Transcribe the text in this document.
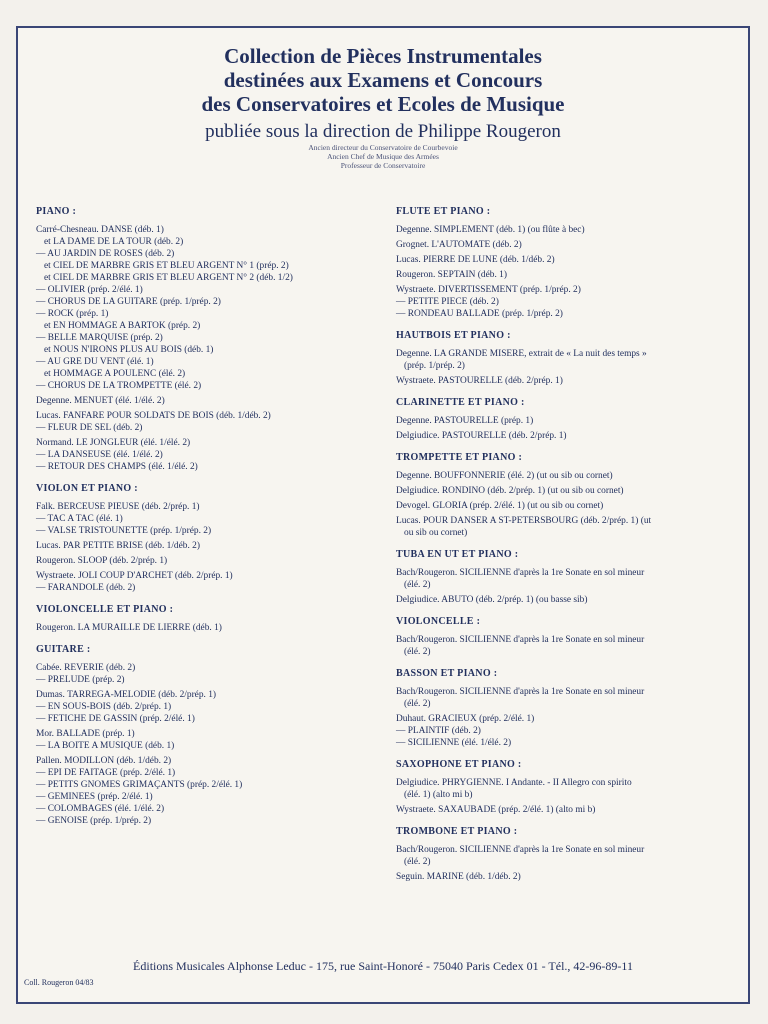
Collection de Pièces Instrumentales
destinées aux Examens et Concours
des Conservatoires et Ecoles de Musique
publiée sous la direction de Philippe Rougeron
Ancien directeur du Conservatoire de Courbevoie
Ancien Chef de Musique des Armées
Professeur de Conservatoire
PIANO :
Carré-Chesneau. DANSE (déb. 1)
et LA DAME DE LA TOUR (déb. 2)
— AU JARDIN DE ROSES (déb. 2)
et CIEL DE MARBRE GRIS ET BLEU ARGENT N° 1 (prép. 2)
et CIEL DE MARBRE GRIS ET BLEU ARGENT N° 2 (déb. 1/2)
— OLIVIER (prép. 2/élé. 1)
— CHORUS DE LA GUITARE (prép. 1/prép. 2)
— ROCK (prép. 1)
et EN HOMMAGE A BARTOK (prép. 2)
— BELLE MARQUISE (prép. 2)
et NOUS N'IRONS PLUS AU BOIS (déb. 1)
— AU GRE DU VENT (élé. 1)
et HOMMAGE A POULENC (élé. 2)
— CHORUS DE LA TROMPETTE (élé. 2)
Degenne. MENUET (élé. 1/élé. 2)
Lucas. FANFARE POUR SOLDATS DE BOIS (déb. 1/déb. 2)
— FLEUR DE SEL (déb. 2)
Normand. LE JONGLEUR (élé. 1/élé. 2)
— LA DANSEUSE (élé. 1/élé. 2)
— RETOUR DES CHAMPS (élé. 1/élé. 2)
VIOLON ET PIANO :
Falk. BERCEUSE PIEUSE (déb. 2/prép. 1)
— TAC A TAC (élé. 1)
— VALSE TRISTOUNETTE (prép. 1/prép. 2)
Lucas. PAR PETITE BRISE (déb. 1/déb. 2)
Rougeron. SLOOP (déb. 2/prép. 1)
Wystraete. JOLI COUP D'ARCHET (déb. 2/prép. 1)
— FARANDOLE (déb. 2)
VIOLONCELLE ET PIANO :
Rougeron. LA MURAILLE DE LIERRE (déb. 1)
GUITARE :
Cabée. REVERIE (déb. 2)
— PRELUDE (prép. 2)
Dumas. TARREGA-MELODIE (déb. 2/prép. 1)
— EN SOUS-BOIS (déb. 2/prép. 1)
— FETICHE DE GASSIN (prép. 2/élé. 1)
Mor. BALLADE (prép. 1)
— LA BOITE A MUSIQUE (déb. 1)
Pallen. MODILLON (déb. 1/déb. 2)
— EPI DE FAITAGE (prép. 2/élé. 1)
— PETITS GNOMES GRIMAÇANTS (prép. 2/élé. 1)
— GEMINEES (prép. 2/élé. 1)
— COLOMBAGES (élé. 1/élé. 2)
— GENOISE (prép. 1/prép. 2)
FLUTE ET PIANO :
Degenne. SIMPLEMENT (déb. 1) (ou flûte à bec)
Grognet. L'AUTOMATE (déb. 2)
Lucas. PIERRE DE LUNE (déb. 1/déb. 2)
Rougeron. SEPTAIN (déb. 1)
Wystraete. DIVERTISSEMENT (prép. 1/prép. 2)
— PETITE PIECE (déb. 2)
— RONDEAU BALLADE (prép. 1/prép. 2)
HAUTBOIS ET PIANO :
Degenne. LA GRANDE MISERE, extrait de « La nuit des temps »
(prép. 1/prép. 2)
Wystraete. PASTOURELLE (déb. 2/prép. 1)
CLARINETTE ET PIANO :
Degenne. PASTOURELLE (prép. 1)
Delgiudice. PASTOURELLE (déb. 2/prép. 1)
TROMPETTE ET PIANO :
Degenne. BOUFFONNERIE (élé. 2) (ut ou sib ou cornet)
Delgiudice. RONDINO (déb. 2/prép. 1) (ut ou sib ou cornet)
Devogel. GLORIA (prép. 2/élé. 1) (ut ou sib ou cornet)
Lucas. POUR DANSER A ST-PETERSBOURG (déb. 2/prép. 1) (ut
ou sib ou cornet)
TUBA EN UT ET PIANO :
Bach/Rougeron. SICILIENNE d'après la 1re Sonate en sol mineur
(élé. 2)
Delgiudice. ABUTO (déb. 2/prép. 1) (ou basse sib)
VIOLONCELLE :
Bach/Rougeron. SICILIENNE d'après la 1re Sonate en sol mineur
(élé. 2)
BASSON ET PIANO :
Bach/Rougeron. SICILIENNE d'après la 1re Sonate en sol mineur
(élé. 2)
Duhaut. GRACIEUX (prép. 2/élé. 1)
— PLAINTIF (déb. 2)
— SICILIENNE (élé. 1/élé. 2)
SAXOPHONE ET PIANO :
Delgiudice. PHRYGIENNE. I Andante. - II Allegro con spirito
(élé. 1) (alto mi b)
Wystraete. SAXAUBADE (prép. 2/élé. 1) (alto mi b)
TROMBONE ET PIANO :
Bach/Rougeron. SICILIENNE d'après la 1re Sonate en sol mineur
(élé. 2)
Seguin. MARINE (déb. 1/déb. 2)
Éditions Musicales Alphonse Leduc - 175, rue Saint-Honoré - 75040 Paris Cedex 01 - Tél., 42-96-89-11
Coll. Rougeron 04/83
